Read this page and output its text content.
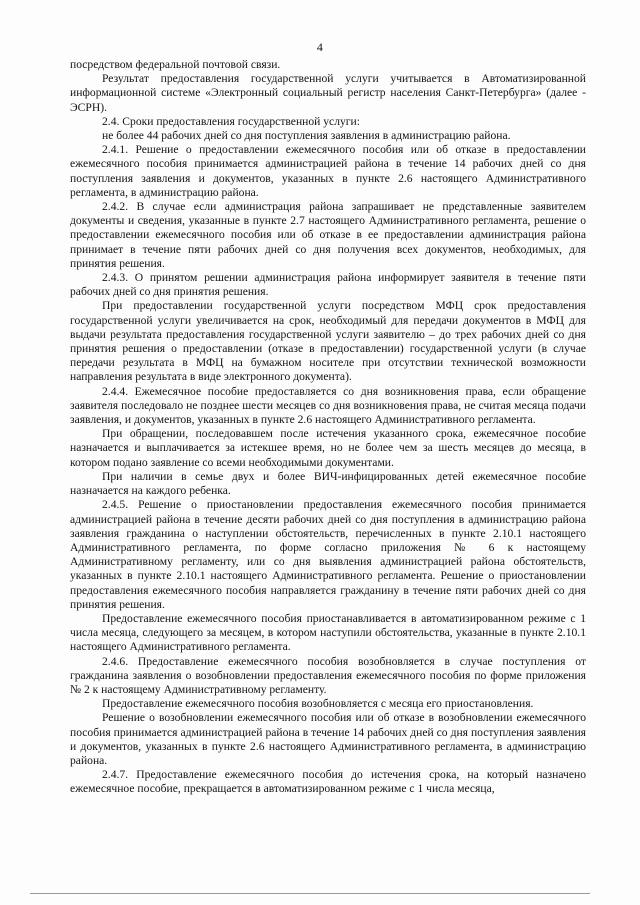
4

посредством федеральной почтовой связи.

Результат предоставления государственной услуги учитывается в Автоматизированной информационной системе «Электронный социальный регистр населения Санкт-Петербурга» (далее - ЭСРН).

2.4. Сроки предоставления государственной услуги:

не более 44 рабочих дней со дня поступления заявления в администрацию района.

2.4.1. Решение о предоставлении ежемесячного пособия или об отказе в предоставлении ежемесячного пособия принимается администрацией района в течение 14 рабочих дней со дня поступления заявления и документов, указанных в пункте 2.6 настоящего Административного регламента, в администрацию района.

2.4.2. В случае если администрация района запрашивает не представленные заявителем документы и сведения, указанные в пункте 2.7 настоящего Административного регламента, решение о предоставлении ежемесячного пособия или об отказе в ее предоставлении администрация района принимает в течение пяти рабочих дней со дня получения всех документов, необходимых, для принятия решения.

2.4.3. О принятом решении администрация района информирует заявителя в течение пяти рабочих дней со дня принятия решения.

При предоставлении государственной услуги посредством МФЦ срок предоставления государственной услуги увеличивается на срок, необходимый для передачи документов в МФЦ для выдачи результата предоставления государственной услуги заявителю – до трех рабочих дней со дня принятия решения о предоставлении (отказе в предоставлении) государственной услуги (в случае передачи результата в МФЦ на бумажном носителе при отсутствии технической возможности направления результата в виде электронного документа).

2.4.4. Ежемесячное пособие предоставляется со дня возникновения права, если обращение заявителя последовало не позднее шести месяцев со дня возникновения права, не считая месяца подачи заявления, и документов, указанных в пункте 2.6 настоящего Административного регламента.

При обращении, последовавшем после истечения указанного срока, ежемесячное пособие назначается и выплачивается за истекшее время, но не более чем за шесть месяцев до месяца, в котором подано заявление со всеми необходимыми документами.

При наличии в семье двух и более ВИЧ-инфицированных детей ежемесячное пособие назначается на каждого ребенка.

2.4.5. Решение о приостановлении предоставления ежемесячного пособия принимается администрацией района в течение десяти рабочих дней со дня поступления в администрацию района заявления гражданина о наступлении обстоятельств, перечисленных в пункте 2.10.1 настоящего Административного регламента, по форме согласно приложения № 6 к настоящему Административному регламенту, или со дня выявления администрацией района обстоятельств, указанных в пункте 2.10.1 настоящего Административного регламента. Решение о приостановлении предоставления ежемесячного пособия направляется гражданину в течение пяти рабочих дней со дня принятия решения.

Предоставление ежемесячного пособия приостанавливается в автоматизированном режиме с 1 числа месяца, следующего за месяцем, в котором наступили обстоятельства, указанные в пункте 2.10.1 настоящего Административного регламента.

2.4.6. Предоставление ежемесячного пособия возобновляется в случае поступления от гражданина заявления о возобновлении предоставления ежемесячного пособия по форме приложения № 2 к настоящему Административному регламенту.

Предоставление ежемесячного пособия возобновляется с месяца его приостановления.

Решение о возобновлении ежемесячного пособия или об отказе в возобновлении ежемесячного пособия принимается администрацией района в течение 14 рабочих дней со дня поступления заявления и документов, указанных в пункте 2.6 настоящего Административного регламента, в администрацию района.

2.4.7. Предоставление ежемесячного пособия до истечения срока, на который назначено ежемесячное пособие, прекращается в автоматизированном режиме с 1 числа месяца,
